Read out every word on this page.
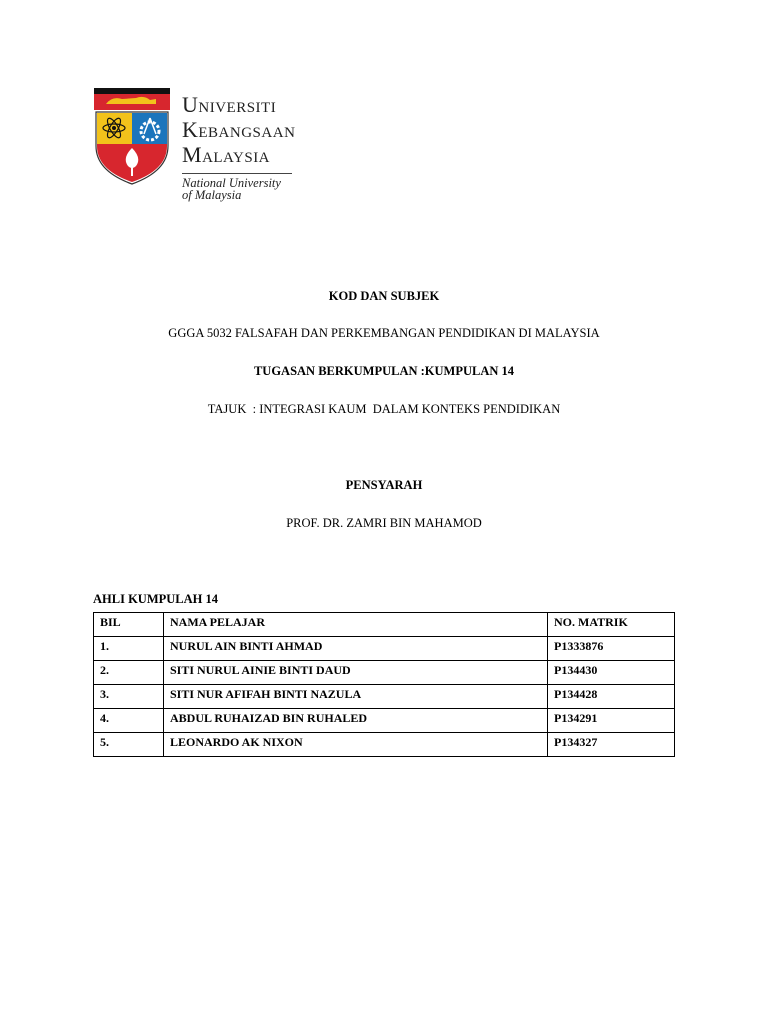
UNIVERSITI
KEBANGSAAN
MALAYSIA
National University
of Malaysia
KOD DAN SUBJEK
GGGA 5032 FALSAFAH DAN PERKEMBANGAN PENDIDIKAN DI MALAYSIA
TUGASAN BERKUMPULAN :KUMPULAN 14
TAJUK  : INTEGRASI KAUM  DALAM KONTEKS PENDIDIKAN
PENSYARAH
PROF. DR. ZAMRI BIN MAHAMOD
AHLI KUMPULAH 14
BIL	NAMA PELAJAR	NO. MATRIK
1.	NURUL AIN BINTI AHMAD	P1333876
2.	SITI NURUL AINIE BINTI DAUD	P134430
3.	SITI NUR AFIFAH BINTI NAZULA	P134428
4.	ABDUL RUHAIZAD BIN RUHALED	P134291
5.	LEONARDO AK NIXON	P134327
